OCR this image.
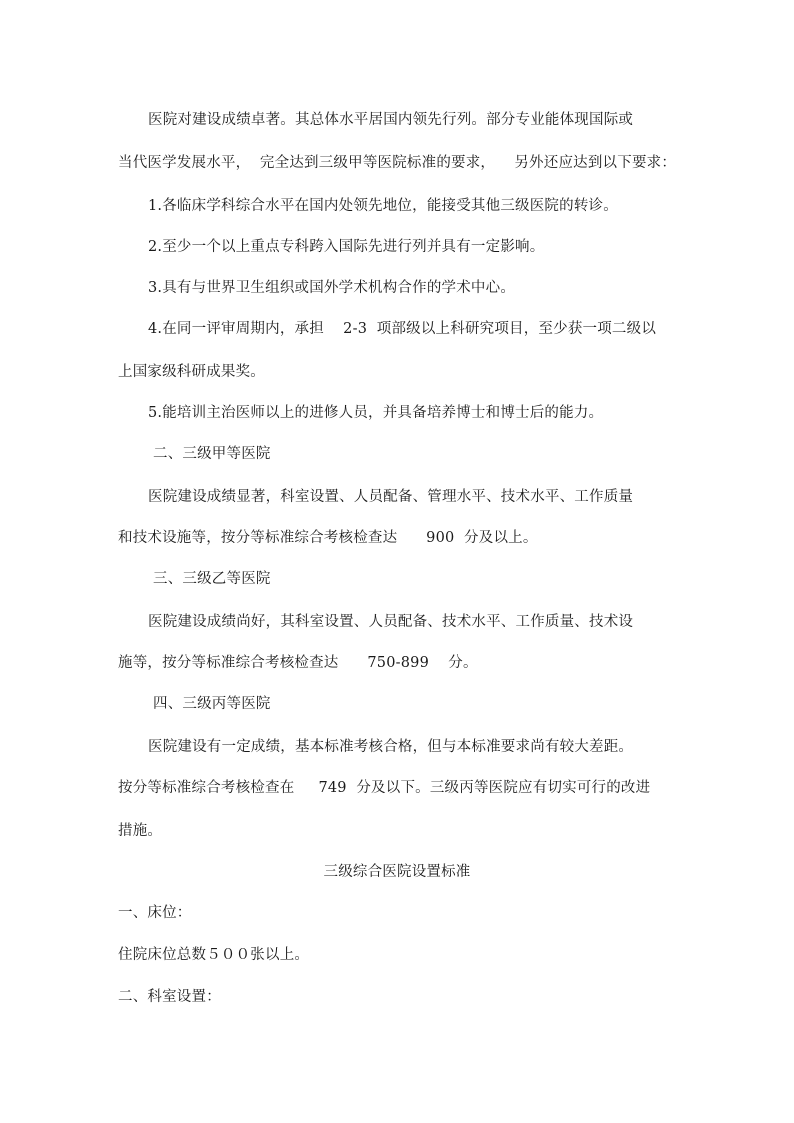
医院对建设成绩卓著。其总体水平居国内领先行列。部分专业能体现国际或
当代医学发展水平，  完全达到三级甲等医院标准的要求，    另外还应达到以下要求：
1.各临床学科综合水平在国内处领先地位，能接受其他三级医院的转诊。
2.至少一个以上重点专科跨入国际先进行列并具有一定影响。
3.具有与世界卫生组织或国外学术机构合作的学术中心。
4.在同一评审周期内，承担    2-3  项部级以上科研究项目，至少获一项二级以
上国家级科研成果奖。
5.能培训主治医师以上的进修人员，并具备培养博士和博士后的能力。
二、三级甲等医院
医院建设成绩显著，科室设置、人员配备、管理水平、技术水平、工作质量
和技术设施等，按分等标准综合考核检查达      900  分及以上。
三、三级乙等医院
医院建设成绩尚好，其科室设置、人员配备、技术水平、工作质量、技术设
施等，按分等标准综合考核检查达      750-899    分。
四、三级丙等医院
医院建设有一定成绩，基本标准考核合格，但与本标准要求尚有较大差距。
按分等标准综合考核检查在     749  分及以下。三级丙等医院应有切实可行的改进
措施。
三级综合医院设置标准
一、床位：
住院床位总数５００张以上。
二、科室设置：
